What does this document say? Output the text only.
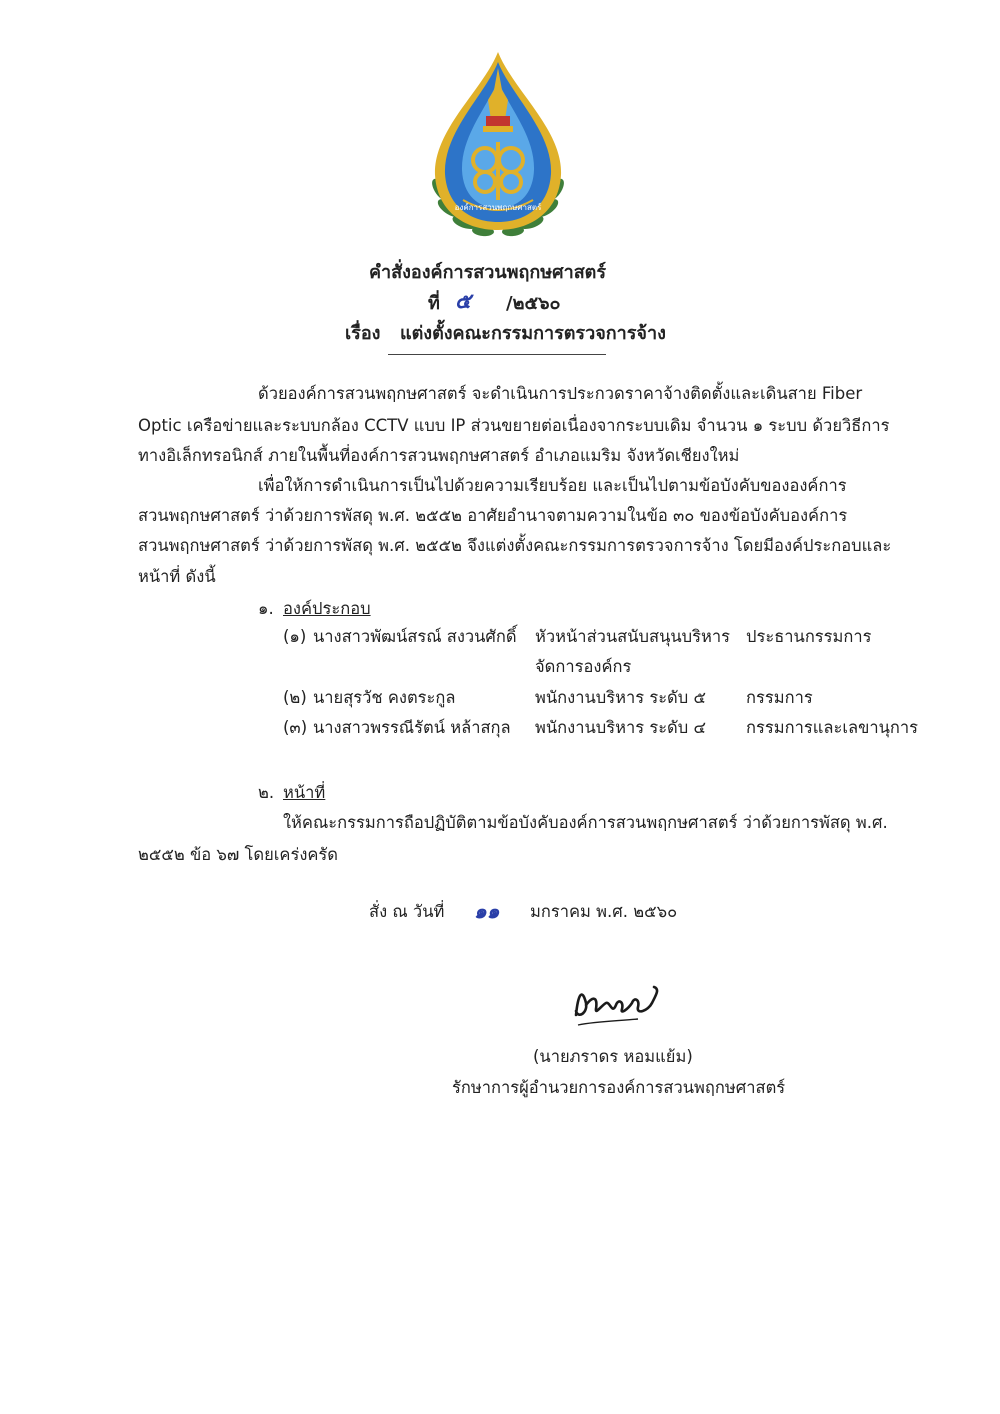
องค์การสวนพฤกษศาสตร์
คำสั่งองค์การสวนพฤกษศาสตร์
ที่ ๕ /๒๕๖๐
เรื่อง แต่งตั้งคณะกรรมการตรวจการจ้าง
ด้วยองค์การสวนพฤกษศาสตร์ จะดำเนินการประกวดราคาจ้างติดตั้งและเดินสาย Fiber
Optic เครือข่ายและระบบกล้อง CCTV แบบ IP ส่วนขยายต่อเนื่องจากระบบเดิม จำนวน ๑ ระบบ ด้วยวิธีการ
ทางอิเล็กทรอนิกส์ ภายในพื้นที่องค์การสวนพฤกษศาสตร์ อำเภอแมริม จังหวัดเชียงใหม่
เพื่อให้การดำเนินการเป็นไปด้วยความเรียบร้อย และเป็นไปตามข้อบังคับขององค์การ
สวนพฤกษศาสตร์ ว่าด้วยการพัสดุ พ.ศ. ๒๕๕๒ อาศัยอำนาจตามความในข้อ ๓๐ ของข้อบังคับองค์การ
สวนพฤกษศาสตร์ ว่าด้วยการพัสดุ พ.ศ. ๒๕๕๒ จึงแต่งตั้งคณะกรรมการตรวจการจ้าง โดยมีองค์ประกอบและ
หน้าที่ ดังนี้
๑. องค์ประกอบ
(๑) นางสาวพัฒน์สรณ์ สงวนศักดิ์ หัวหน้าส่วนสนับสนุนบริหาร
จัดการองค์กร
ประธานกรรมการ
(๒) นายสุรวัช คงตระกูล	พนักงานบริหาร ระดับ ๕ กรรมการ
(๓) นางสาวพรรณีรัตน์ หล้าสกุล พนักงานบริหาร ระดับ ๔ กรรมการและเลขานุการ
๒. หน้าที่
ให้คณะกรรมการถือปฏิบัติตามข้อบังคับองค์การสวนพฤกษศาสตร์ ว่าด้วยการพัสดุ พ.ศ.
๒๕๕๒ ข้อ ๖๗ โดยเคร่งครัด
สั่ง ณ วันที่ ๑๑ มกราคม พ.ศ. ๒๕๖๐
(นายภราดร หอมแย้ม)
รักษาการผู้อำนวยการองค์การสวนพฤกษศาสตร์
